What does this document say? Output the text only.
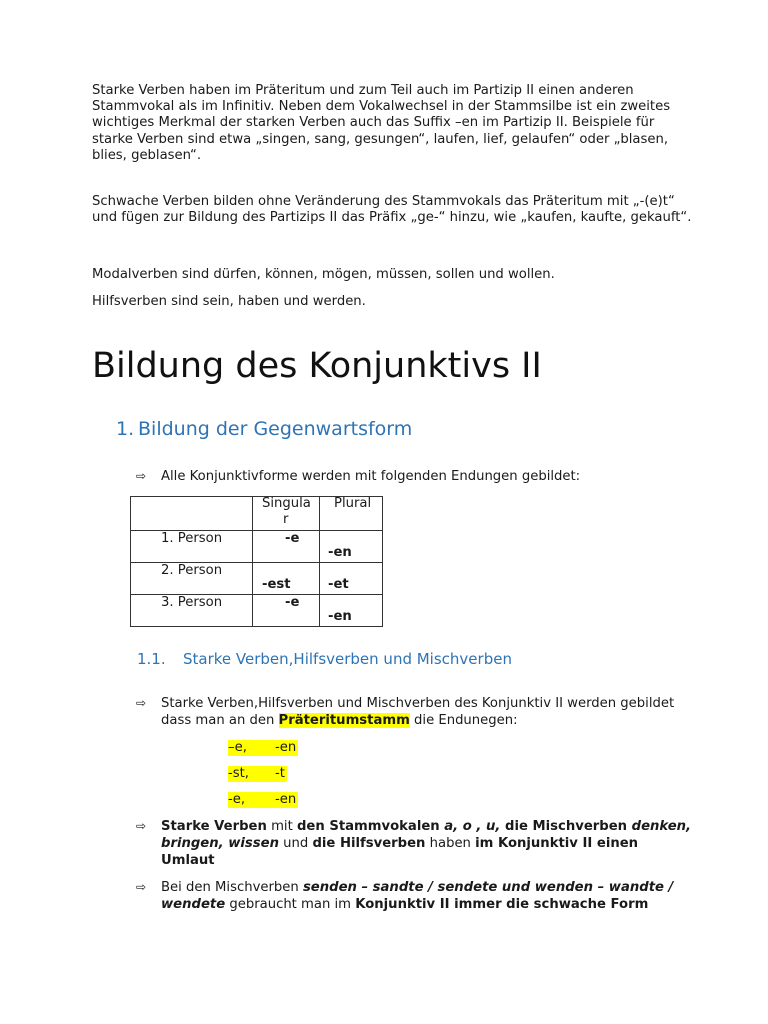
Starke Verben haben im Präteritum und zum Teil auch im Partizip II einen anderen Stammvokal als im Infinitiv. Neben dem Vokalwechsel in der Stammsilbe ist ein zweites wichtiges Merkmal der starken Verben auch das Suffix –en im Partizip II. Beispiele für starke Verben sind etwa „singen, sang, gesungen“, laufen, lief, gelaufen“ oder „blasen, blies, geblasen“.

Schwache Verben bilden ohne Veränderung des Stammvokals das Präteritum mit „-(e)t“ und fügen zur Bildung des Partizips II das Präfix „ge-“ hinzu, wie „kaufen, kaufte, gekauft“.

Modalverben sind dürfen, können, mögen, müssen, sollen und wollen.

Hilfsverben sind sein, haben und werden.

Bildung des Konjunktivs II
1. Bildung der Gegenwartsform

⇨	Alle Konjunktivforme werden mit folgenden Endungen gebildet:

	Singula
r	Plural

1. Person	-e	-en

2. Person	-est	-et

3. Person	-e	-en
1.1. Starke Verben,Hilfsverben und Mischverben

⇨	Starke Verben,Hilfsverben und Mischverben des Konjunktiv II werden gebildet dass man an den Präteritumstamm die Endunegen:

–e, -en
-st, -t
-e, -en

⇨	Starke Verben mit den Stammvokalen a, o , u, die Mischverben denken, bringen, wissen und die Hilfsverben haben im Konjunktiv II einen Umlaut

⇨	Bei den Mischverben senden – sandte / sendete und wenden – wandte / wendete gebraucht man im Konjunktiv II immer die schwache Form
